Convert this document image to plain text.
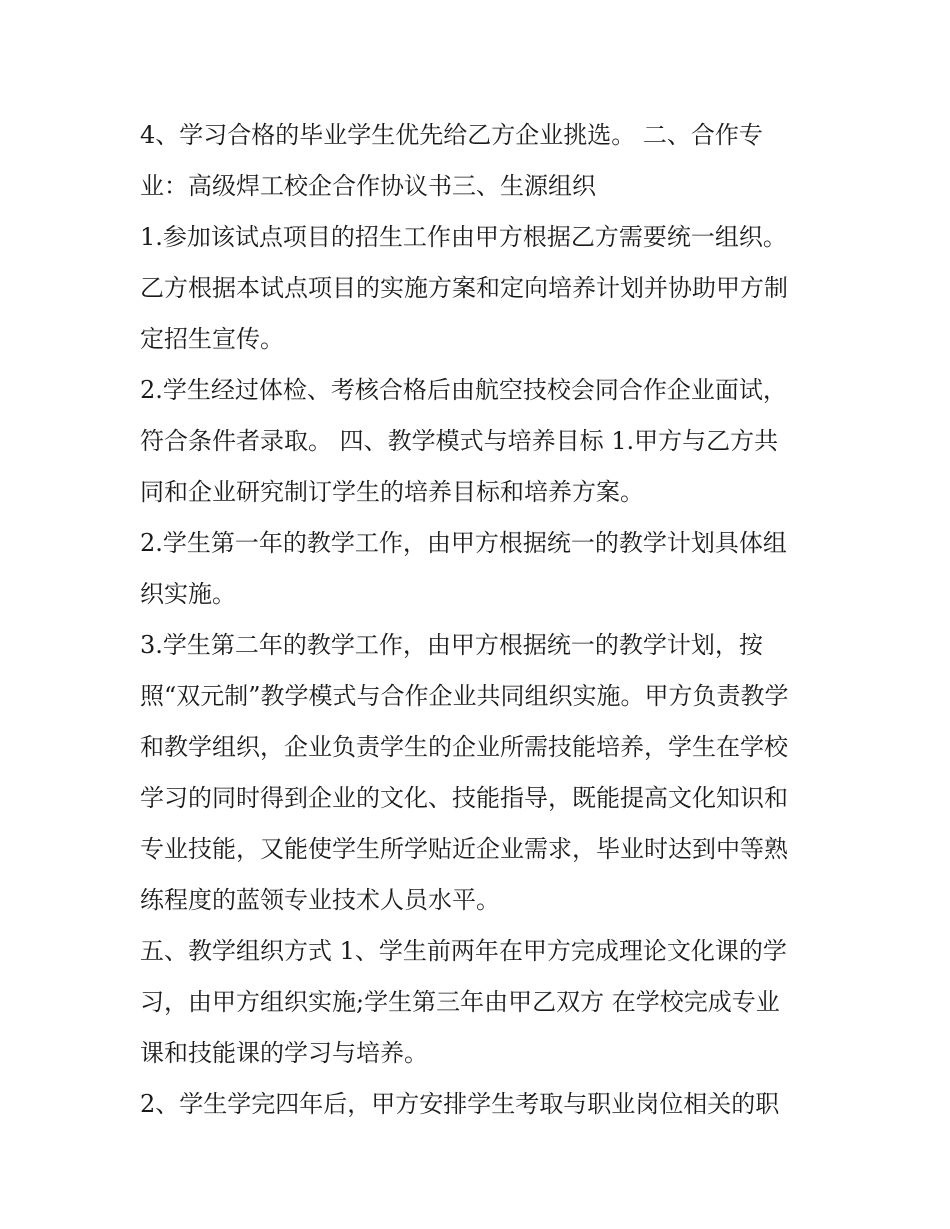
4、学习合格的毕业学生优先给乙方企业挑选。 二、合作专
业：高级焊工校企合作协议书三、生源组织
1.参加该试点项目的招生工作由甲方根据乙方需要统一组织。
乙方根据本试点项目的实施方案和定向培养计划并协助甲方制
定招生宣传。
2.学生经过体检、考核合格后由航空技校会同合作企业面试，
符合条件者录取。 四、教学模式与培养目标 1.甲方与乙方共
同和企业研究制订学生的培养目标和培养方案。
2.学生第一年的教学工作，由甲方根据统一的教学计划具体组
织实施。
3.学生第二年的教学工作，由甲方根据统一的教学计划，按
照“双元制”教学模式与合作企业共同组织实施。甲方负责教学
和教学组织，企业负责学生的企业所需技能培养，学生在学校
学习的同时得到企业的文化、技能指导，既能提高文化知识和
专业技能，又能使学生所学贴近企业需求，毕业时达到中等熟
练程度的蓝领专业技术人员水平。
五、教学组织方式 1、学生前两年在甲方完成理论文化课的学
习，由甲方组织实施;学生第三年由甲乙双方 在学校完成专业
课和技能课的学习与培养。
2、学生学完四年后，甲方安排学生考取与职业岗位相关的职
